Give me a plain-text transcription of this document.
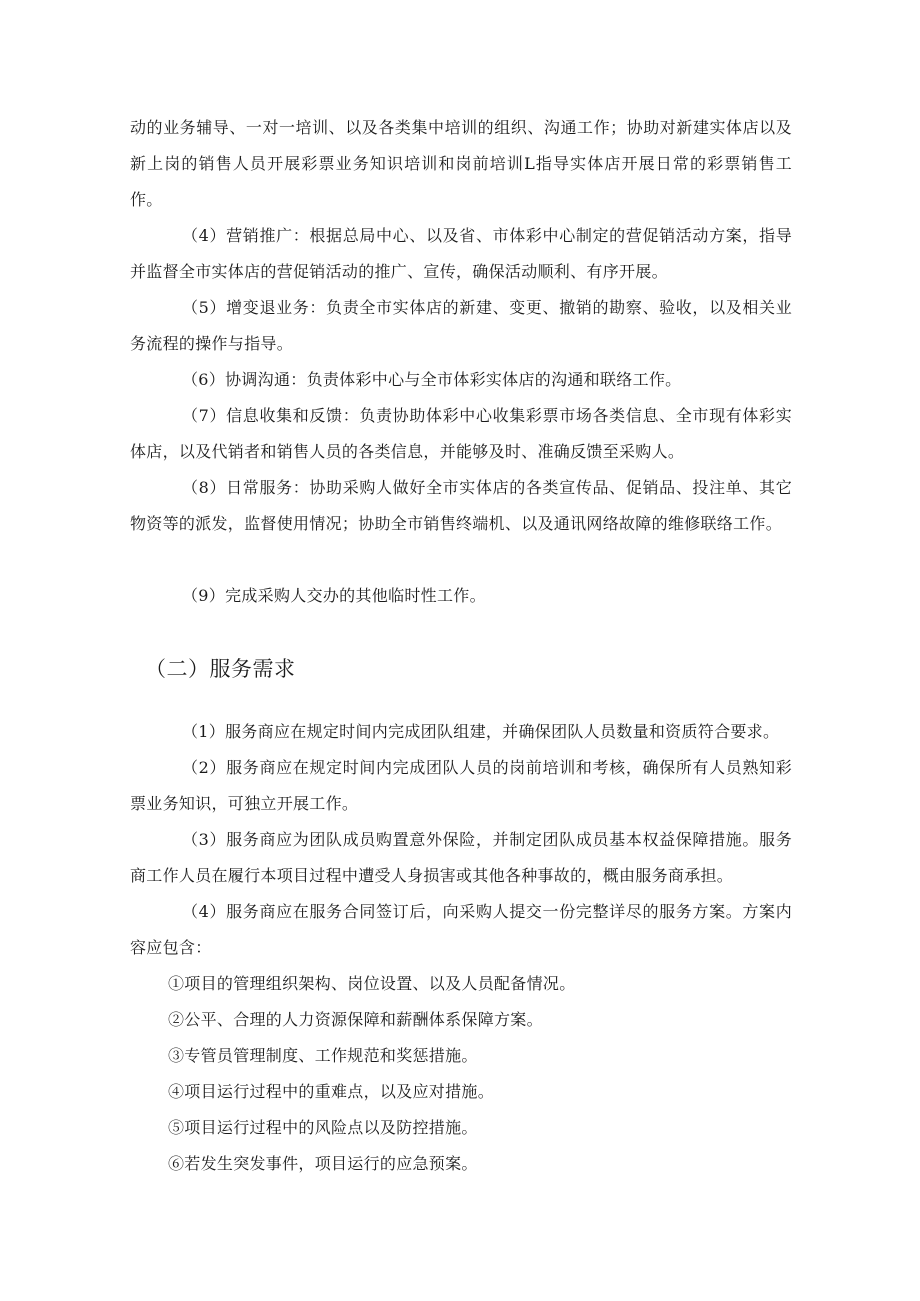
动的业务辅导、一对一培训、以及各类集中培训的组织、沟通工作；协助对新建实体店以及新上岗的销售人员开展彩票业务知识培训和岗前培训L指导实体店开展日常的彩票销售工作。

（4）营销推广：根据总局中心、以及省、市体彩中心制定的营促销活动方案，指导并监督全市实体店的营促销活动的推广、宣传，确保活动顺利、有序开展。

（5）增变退业务：负责全市实体店的新建、变更、撤销的勘察、验收，以及相关业务流程的操作与指导。

（6）协调沟通：负责体彩中心与全市体彩实体店的沟通和联络工作。

（7）信息收集和反馈：负责协助体彩中心收集彩票市场各类信息、全市现有体彩实体店，以及代销者和销售人员的各类信息，并能够及时、准确反馈至采购人。

（8）日常服务：协助采购人做好全市实体店的各类宣传品、促销品、投注单、其它物资等的派发，监督使用情况；协助全市销售终端机、以及通讯网络故障的维修联络工作。

（9）完成采购人交办的其他临时性工作。

（二）服务需求

（1）服务商应在规定时间内完成团队组建，并确保团队人员数量和资质符合要求。

（2）服务商应在规定时间内完成团队人员的岗前培训和考核，确保所有人员熟知彩票业务知识，可独立开展工作。

（3）服务商应为团队成员购置意外保险，并制定团队成员基本权益保障措施。服务商工作人员在履行本项目过程中遭受人身损害或其他各种事故的，概由服务商承担。

（4）服务商应在服务合同签订后，向采购人提交一份完整详尽的服务方案。方案内容应包含：

①项目的管理组织架构、岗位设置、以及人员配备情况。

②公平、合理的人力资源保障和薪酬体系保障方案。

③专管员管理制度、工作规范和奖惩措施。

④项目运行过程中的重难点，以及应对措施。

⑤项目运行过程中的风险点以及防控措施。

⑥若发生突发事件，项目运行的应急预案。
